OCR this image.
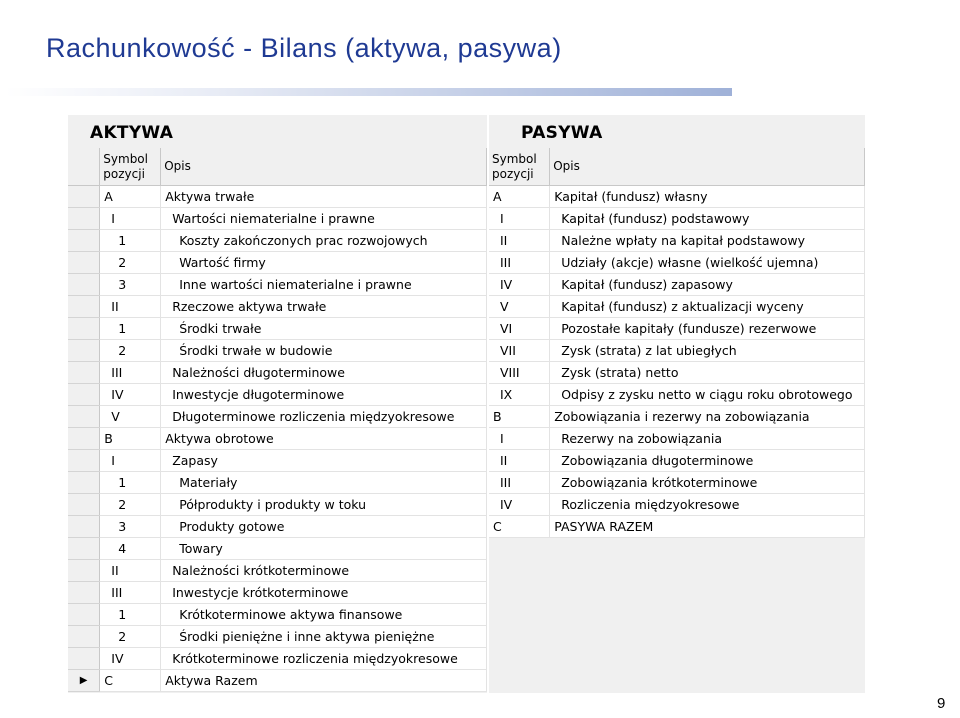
Rachunkowość - Bilans (aktywa, pasywa)
AKTYWA
	Symbol pozycji	Opis
	A	Aktywa trwałe
	I	Wartości niematerialne i prawne
	1	Koszty zakończonych prac rozwojowych
	2	Wartość firmy
	3	Inne wartości niematerialne i prawne
	II	Rzeczowe aktywa trwałe
	1	Środki trwałe
	2	Środki trwałe w budowie
	III	Należności długoterminowe
	IV	Inwestycje długoterminowe
	V	Długoterminowe rozliczenia międzyokresowe
	B	Aktywa obrotowe
	I	Zapasy
	1	Materiały
	2	Półprodukty i produkty w toku
	3	Produkty gotowe
	4	Towary
	II	Należności krótkoterminowe
	III	Inwestycje krótkoterminowe
	1	Krótkoterminowe aktywa finansowe
	2	Środki pieniężne i inne aktywa pieniężne
	IV	Krótkoterminowe rozliczenia międzyokresowe
▶	C	Aktywa Razem
PASYWA
Symbol pozycji	Opis
A	Kapitał (fundusz) własny
I	Kapitał (fundusz) podstawowy
II	Należne wpłaty na kapitał podstawowy
III	Udziały (akcje) własne (wielkość ujemna)
IV	Kapitał (fundusz) zapasowy
V	Kapitał (fundusz) z aktualizacji wyceny
VI	Pozostałe kapitały (fundusze) rezerwowe
VII	Zysk (strata) z lat ubiegłych
VIII	Zysk (strata) netto
IX	Odpisy z zysku netto w ciągu roku obrotowego
B	Zobowiązania i rezerwy na zobowiązania
I	Rezerwy na zobowiązania
II	Zobowiązania długoterminowe
III	Zobowiązania krótkoterminowe
IV	Rozliczenia międzyokresowe
C	PASYWA RAZEM
9
